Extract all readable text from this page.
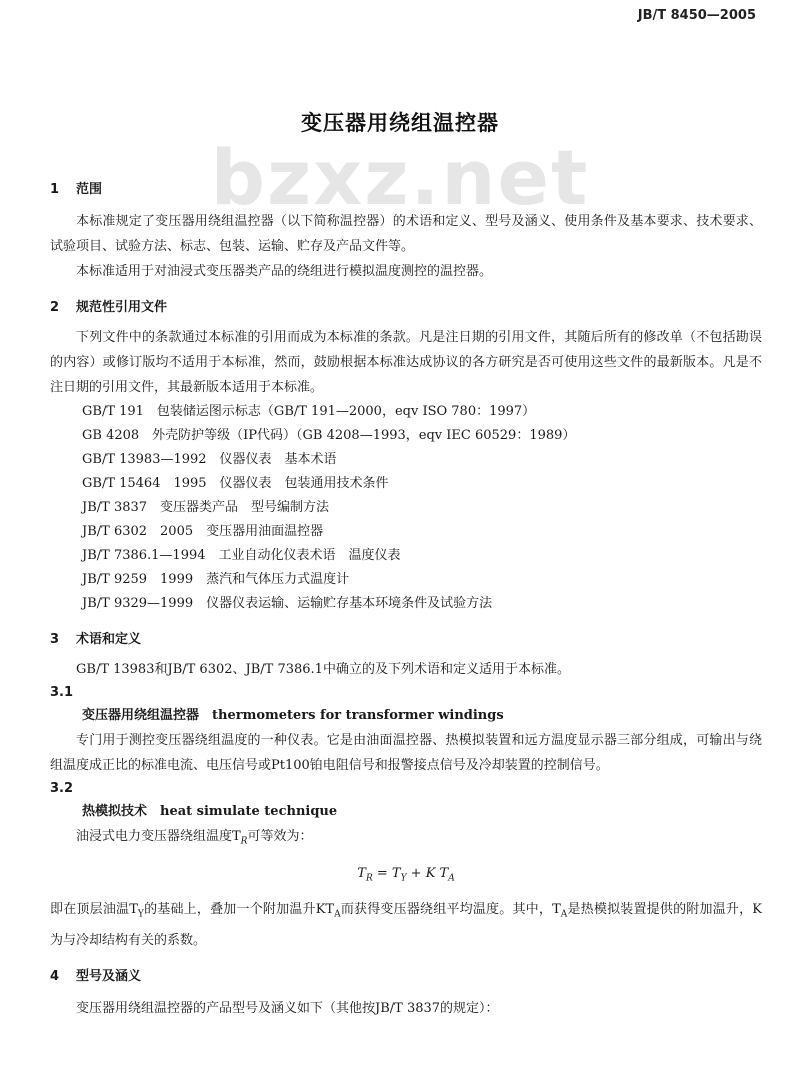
JB/T 8450—2005
bzxz.net
变压器用绕组温控器
1 范围

本标准规定了变压器用绕组温控器（以下简称温控器）的术语和定义、型号及涵义、使用条件及基本要求、技术要求、试验项目、试验方法、标志、包装、运输、贮存及产品文件等。

本标准适用于对油浸式变压器类产品的绕组进行模拟温度测控的温控器。

2 规范性引用文件

下列文件中的条款通过本标准的引用而成为本标准的条款。凡是注日期的引用文件，其随后所有的修改单（不包括勘误的内容）或修订版均不适用于本标准，然而，鼓励根据本标准达成协议的各方研究是否可使用这些文件的最新版本。凡是不注日期的引用文件，其最新版本适用于本标准。

GB/T 191　包装储运图示标志（GB/T 191—2000，eqv ISO 780：1997）
GB 4208　外壳防护等级（IP代码）（GB 4208—1993，eqv IEC 60529：1989）
GB/T 13983—1992　仪器仪表　基本术语
GB/T 15464　1995　仪器仪表　包装通用技术条件
JB/T 3837　变压器类产品　型号编制方法
JB/T 6302　2005　变压器用油面温控器
JB/T 7386.1—1994　工业自动化仪表术语　温度仪表
JB/T 9259　1999　蒸汽和气体压力式温度计
JB/T 9329—1999　仪器仪表运输、运输贮存基本环境条件及试验方法
3 术语和定义

GB/T 13983和JB/T 6302、JB/T 7386.1中确立的及下列术语和定义适用于本标准。

3.1
变压器用绕组温控器　thermometers for transformer windings

专门用于测控变压器绕组温度的一种仪表。它是由油面温控器、热模拟装置和远方温度显示器三部分组成，可输出与绕组温度成正比的标准电流、电压信号或Pt100铂电阻信号和报警接点信号及冷却装置的控制信号。

3.2
热模拟技术　heat simulate technique

油浸式电力变压器绕组温度$T_R$可等效为：

$T_R = T_Y + K$ $T_A$

即在顶层油温$T_Y$的基础上，叠加一个附加温升$KT_A$而获得变压器绕组平均温度。其中，$T_A$是热模拟装置提供的附加温升，K为与冷却结构有关的系数。

4 型号及涵义

变压器用绕组温控器的产品型号及涵义如下（其他按JB/T 3837的规定）：
